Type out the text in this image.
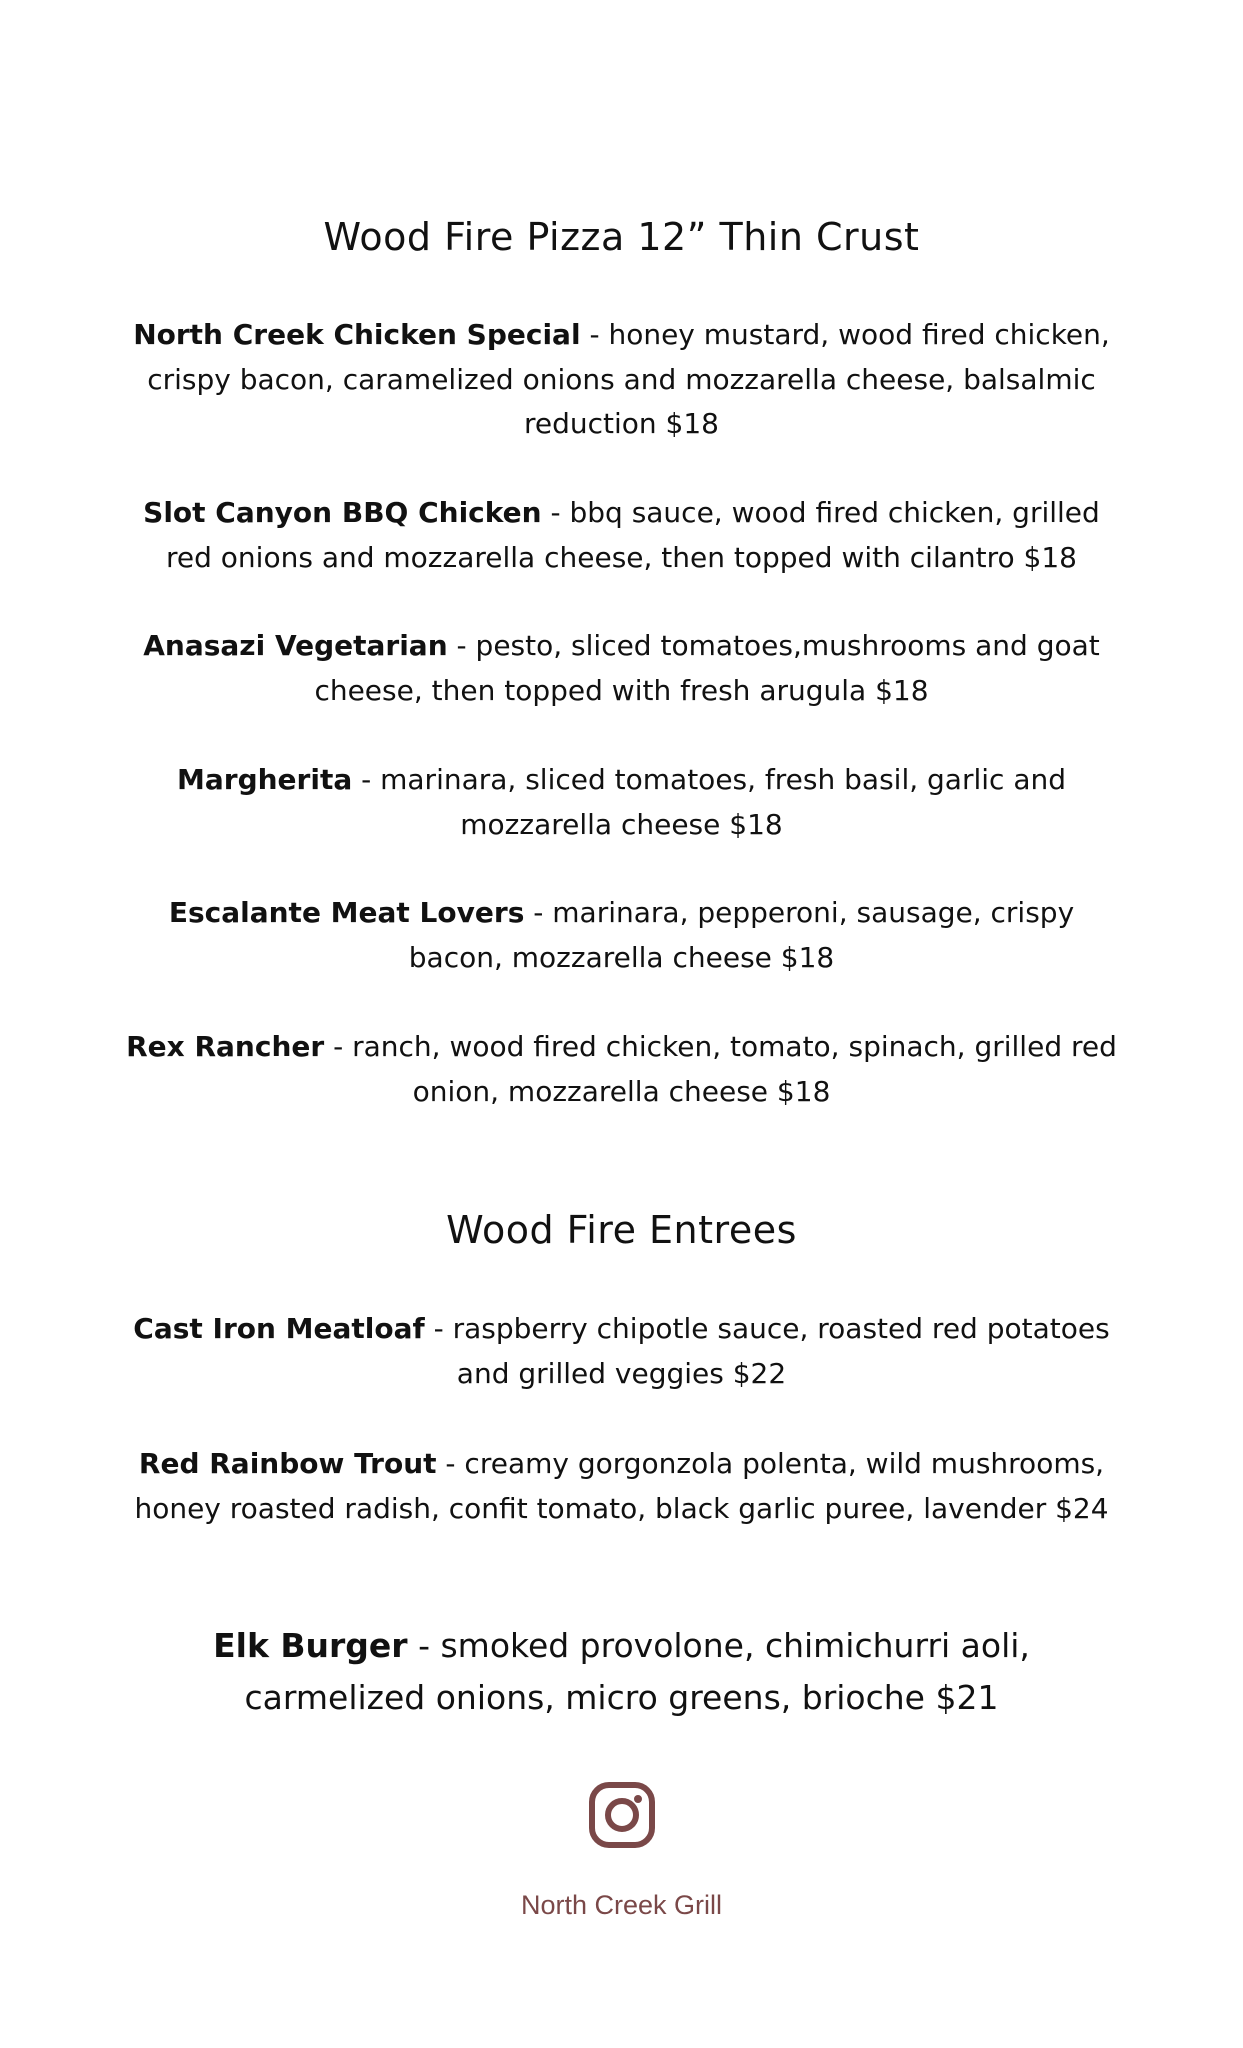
Wood Fire Pizza 12” Thin Crust

North Creek Chicken Special - honey mustard, wood fired chicken, crispy bacon, caramelized onions and mozzarella cheese, balsalmic reduction $18

Slot Canyon BBQ Chicken - bbq sauce, wood fired chicken, grilled red onions and mozzarella cheese, then topped with cilantro $18

Anasazi Vegetarian - pesto, sliced tomatoes,mushrooms and goat cheese, then topped with fresh arugula $18

Margherita - marinara, sliced tomatoes, fresh basil, garlic and mozzarella cheese $18

Escalante Meat Lovers - marinara, pepperoni, sausage, crispy bacon, mozzarella cheese $18

Rex Rancher - ranch, wood fired chicken, tomato, spinach, grilled red onion, mozzarella cheese $18

Wood Fire Entrees

Cast Iron Meatloaf - raspberry chipotle sauce, roasted red potatoes and grilled veggies $22

Red Rainbow Trout - creamy gorgonzola polenta, wild mushrooms, honey roasted radish, confit tomato, black garlic puree, lavender $24

Elk Burger - smoked provolone, chimichurri aoli, carmelized onions, micro greens, brioche $21

North Creek Grill
